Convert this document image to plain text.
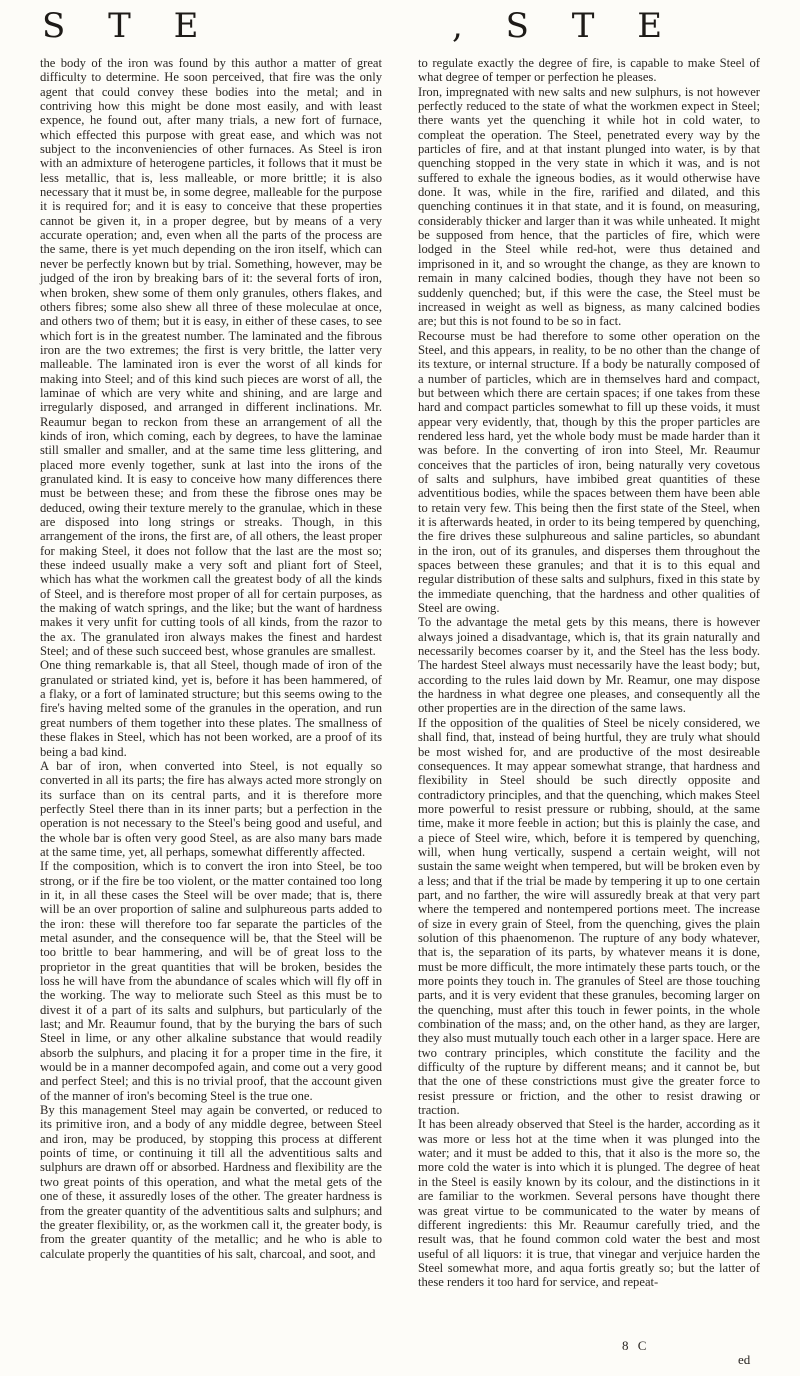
S T E	, S T E

the body of the iron was found by this author a matter of great difficulty to determine. He soon perceived, that fire was the only agent that could convey these bodies into the metal; and in contriving how this might be done most easily, and with least expence, he found out, after many trials, a new fort of furnace, which effected this purpose with great ease, and which was not subject to the inconveniencies of other furnaces. As Steel is iron with an admixture of heterogene particles, it follows that it must be less metallic, that is, less malleable, or more brittle; it is also necessary that it must be, in some degree, malleable for the purpose it is required for; and it is easy to conceive that these properties cannot be given it, in a proper degree, but by means of a very accurate operation; and, even when all the parts of the process are the same, there is yet much depending on the iron itself, which can never be perfectly known but by trial. Something, however, may be judged of the iron by breaking bars of it: the several forts of iron, when broken, shew some of them only granules, others flakes, and others fibres; some also shew all three of these moleculae at once, and others two of them; but it is easy, in either of these cases, to see which fort is in the greatest number. The laminated and the fibrous iron are the two extremes; the first is very brittle, the latter very malleable. The laminated iron is ever the worst of all kinds for making into Steel; and of this kind such pieces are worst of all, the laminae of which are very white and shining, and are large and irregularly disposed, and arranged in different inclinations. Mr. Reaumur began to reckon from these an arrangement of all the kinds of iron, which coming, each by degrees, to have the laminae still smaller and smaller, and at the same time less glittering, and placed more evenly together, sunk at last into the irons of the granulated kind. It is easy to conceive how many differences there must be between these; and from these the fibrose ones may be deduced, owing their texture merely to the granulae, which in these are disposed into long strings or streaks. Though, in this arrangement of the irons, the first are, of all others, the least proper for making Steel, it does not follow that the last are the most so; these indeed usually make a very soft and pliant fort of Steel, which has what the workmen call the greatest body of all the kinds of Steel, and is therefore most proper of all for certain purposes, as the making of watch springs, and the like; but the want of hardness makes it very unfit for cutting tools of all kinds, from the razor to the ax. The granulated iron always makes the finest and hardest Steel; and of these such succeed best, whose granules are smallest.

One thing remarkable is, that all Steel, though made of iron of the granulated or striated kind, yet is, before it has been hammered, of a flaky, or a fort of laminated structure; but this seems owing to the fire's having melted some of the granules in the operation, and run great numbers of them together into these plates. The smallness of these flakes in Steel, which has not been worked, are a proof of its being a bad kind.

A bar of iron, when converted into Steel, is not equally so converted in all its parts; the fire has always acted more strongly on its surface than on its central parts, and it is therefore more perfectly Steel there than in its inner parts; but a perfection in the operation is not necessary to the Steel's being good and useful, and the whole bar is often very good Steel, as are also many bars made at the same time, yet, all perhaps, somewhat differently affected.

If the composition, which is to convert the iron into Steel, be too strong, or if the fire be too violent, or the matter contained too long in it, in all these cases the Steel will be over made; that is, there will be an over proportion of saline and sulphureous parts added to the iron: these will therefore too far separate the particles of the metal asunder, and the consequence will be, that the Steel will be too brittle to bear hammering, and will be of great loss to the proprietor in the great quantities that will be broken, besides the loss he will have from the abundance of scales which will fly off in the working. The way to meliorate such Steel as this must be to divest it of a part of its salts and sulphurs, but particularly of the last; and Mr. Reaumur found, that by the burying the bars of such Steel in lime, or any other alkaline substance that would readily absorb the sulphurs, and placing it for a proper time in the fire, it would be in a manner decompofed again, and come out a very good and perfect Steel; and this is no trivial proof, that the account given of the manner of iron's becoming Steel is the true one.

By this management Steel may again be converted, or reduced to its primitive iron, and a body of any middle degree, between Steel and iron, may be produced, by stopping this process at different points of time, or continuing it till all the adventitious salts and sulphurs are drawn off or absorbed. Hardness and flexibility are the two great points of this operation, and what the metal gets of the one of these, it assuredly loses of the other. The greater hardness is from the greater quantity of the adventitious salts and sulphurs; and the greater flexibility, or, as the workmen call it, the greater body, is from the greater quantity of the metallic; and he who is able to calculate properly the quantities of his salt, charcoal, and soot, and

to regulate exactly the degree of fire, is capable to make Steel of what degree of temper or perfection he pleases.

Iron, impregnated with new salts and new sulphurs, is not however perfectly reduced to the state of what the workmen expect in Steel; there wants yet the quenching it while hot in cold water, to compleat the operation. The Steel, penetrated every way by the particles of fire, and at that instant plunged into water, is by that quenching stopped in the very state in which it was, and is not suffered to exhale the igneous bodies, as it would otherwise have done. It was, while in the fire, rarified and dilated, and this quenching continues it in that state, and it is found, on measuring, considerably thicker and larger than it was while unheated. It might be supposed from hence, that the particles of fire, which were lodged in the Steel while red-hot, were thus detained and imprisoned in it, and so wrought the change, as they are known to remain in many calcined bodies, though they have not been so suddenly quenched; but, if this were the case, the Steel must be increased in weight as well as bigness, as many calcined bodies are; but this is not found to be so in fact.

Recourse must be had therefore to some other operation on the Steel, and this appears, in reality, to be no other than the change of its texture, or internal structure. If a body be naturally composed of a number of particles, which are in themselves hard and compact, but between which there are certain spaces; if one takes from these hard and compact particles somewhat to fill up these voids, it must appear very evidently, that, though by this the proper particles are rendered less hard, yet the whole body must be made harder than it was before. In the converting of iron into Steel, Mr. Reaumur conceives that the particles of iron, being naturally very covetous of salts and sulphurs, have imbibed great quantities of these adventitious bodies, while the spaces between them have been able to retain very few. This being then the first state of the Steel, when it is afterwards heated, in order to its being tempered by quenching, the fire drives these sulphureous and saline particles, so abundant in the iron, out of its granules, and disperses them throughout the spaces between these granules; and that it is to this equal and regular distribution of these salts and sulphurs, fixed in this state by the immediate quenching, that the hardness and other qualities of Steel are owing.

To the advantage the metal gets by this means, there is however always joined a disadvantage, which is, that its grain naturally and necessarily becomes coarser by it, and the Steel has the less body. The hardest Steel always must necessarily have the least body; but, according to the rules laid down by Mr. Reamur, one may dispose the hardness in what degree one pleases, and consequently all the other properties are in the direction of the same laws.

If the opposition of the qualities of Steel be nicely considered, we shall find, that, instead of being hurtful, they are truly what should be most wished for, and are productive of the most desireable consequences. It may appear somewhat strange, that hardness and flexibility in Steel should be such directly opposite and contradictory principles, and that the quenching, which makes Steel more powerful to resist pressure or rubbing, should, at the same time, make it more feeble in action; but this is plainly the case, and a piece of Steel wire, which, before it is tempered by quenching, will, when hung vertically, suspend a certain weight, will not sustain the same weight when tempered, but will be broken even by a less; and that if the trial be made by tempering it up to one certain part, and no farther, the wire will assuredly break at that very part where the tempered and nontempered portions meet. The increase of size in every grain of Steel, from the quenching, gives the plain solution of this phaenomenon. The rupture of any body whatever, that is, the separation of its parts, by whatever means it is done, must be more difficult, the more intimately these parts touch, or the more points they touch in. The granules of Steel are those touching parts, and it is very evident that these granules, becoming larger on the quenching, must after this touch in fewer points, in the whole combination of the mass; and, on the other hand, as they are larger, they also must mutually touch each other in a larger space. Here are two contrary principles, which constitute the facility and the difficulty of the rupture by different means; and it cannot be, but that the one of these constrictions must give the greater force to resist pressure or friction, and the other to resist drawing or traction.

It has been already observed that Steel is the harder, according as it was more or less hot at the time when it was plunged into the water; and it must be added to this, that it also is the more so, the more cold the water is into which it is plunged. The degree of heat in the Steel is easily known by its colour, and the distinctions in it are familiar to the workmen. Several persons have thought there was great virtue to be communicated to the water by means of different ingredients: this Mr. Reaumur carefully tried, and the result was, that he found common cold water the best and most useful of all liquors: it is true, that vinegar and verjuice harden the Steel somewhat more, and aqua fortis greatly so; but the latter of these renders it too hard for service, and repeat-

8 C
ed
